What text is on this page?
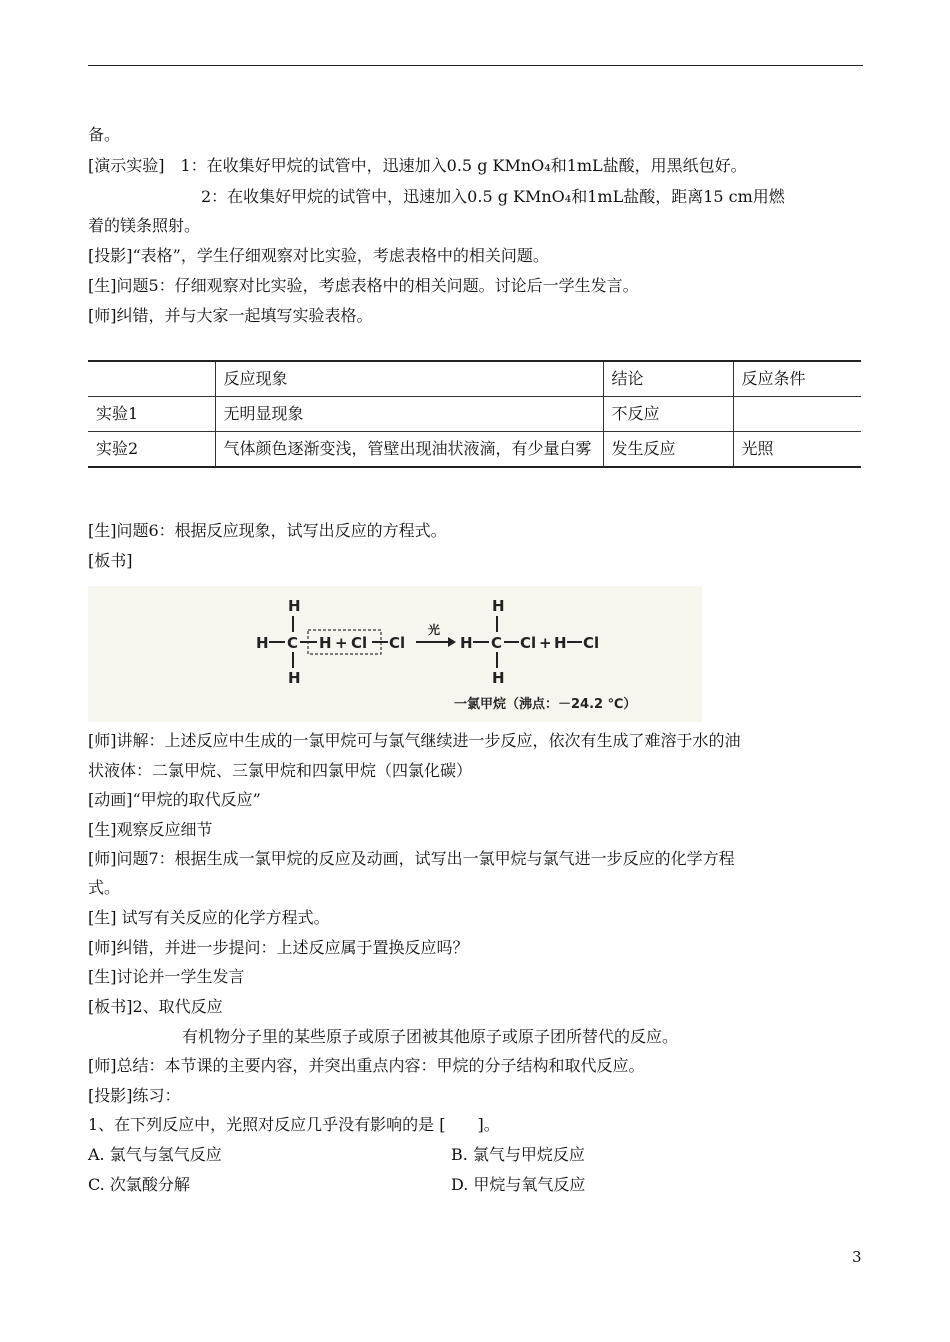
备。
[演示实验]　1：在收集好甲烷的试管中，迅速加入0.5 g KMnO₄和1mL盐酸，用黑纸包好。
2：在收集好甲烷的试管中，迅速加入0.5 g KMnO₄和1mL盐酸，距离15 cm用燃
着的镁条照射。
[投影]“表格”，学生仔细观察对比实验，考虑表格中的相关问题。
[生]问题5：仔细观察对比实验，考虑表格中的相关问题。讨论后一学生发言。
[师]纠错，并与大家一起填写实验表格。
	反应现象	结论	反应条件
实验1	无明显现象	不反应	
实验2	气体颜色逐渐变浅，管壁出现油状液滴，有少量白雾	发生反应	光照
[生]问题6：根据反应现象，试写出反应的方程式。
[板书]
H
H C
H
H + Cl Cl
光
H
H C Cl
H
+ H Cl
一氯甲烷（沸点：－24.2 ℃）
[师]讲解：上述反应中生成的一氯甲烷可与氯气继续进一步反应，依次有生成了难溶于水的油
状液体：二氯甲烷、三氯甲烷和四氯甲烷（四氯化碳）
[动画]“甲烷的取代反应”
[生]观察反应细节
[师]问题7：根据生成一氯甲烷的反应及动画，试写出一氯甲烷与氯气进一步反应的化学方程
式。
[生] 试写有关反应的化学方程式。
[师]纠错，并进一步提问：上述反应属于置换反应吗？
[生]讨论并一学生发言
[板书]2、取代反应
有机物分子里的某些原子或原子团被其他原子或原子团所替代的反应。
[师]总结：本节课的主要内容，并突出重点内容：甲烷的分子结构和取代反应。
[投影]练习：
1、在下列反应中，光照对反应几乎没有影响的是 [　　]。
A. 氯气与氢气反应	B. 氯气与甲烷反应
C. 次氯酸分解	D. 甲烷与氧气反应
3
